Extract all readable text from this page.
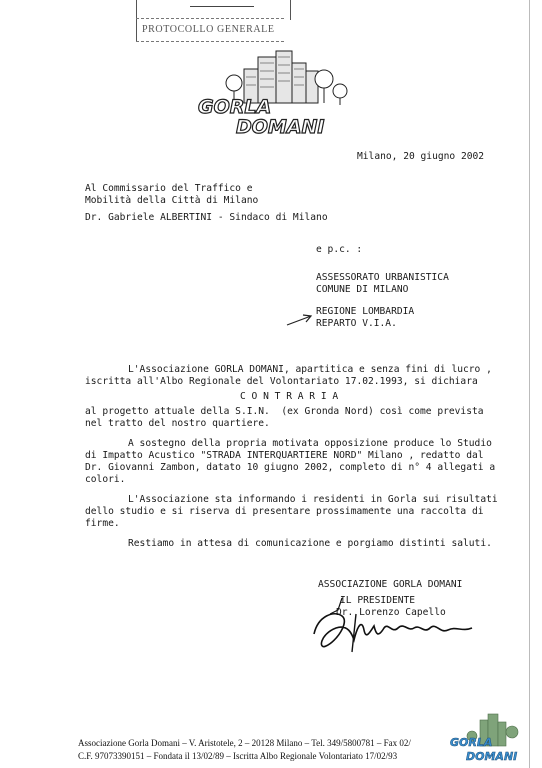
PROTOCOLLO GENERALE
GORLA
DOMANI
Milano, 20 giugno 2002
Al Commissario del Traffico e
Mobilità della Città di Milano
Dr. Gabriele ALBERTINI - Sindaco di Milano
e p.c. :
ASSESSORATO URBANISTICA
COMUNE DI MILANO
REGIONE LOMBARDIA
REPARTO V.I.A.
L'Associazione GORLA DOMANI, apartitica e senza fini di lucro ,
iscritta all'Albo Regionale del Volontariato 17.02.1993, si dichiara
C O N T R A R I A
al progetto attuale della S.I.N.  (ex Gronda Nord) così come prevista
nel tratto del nostro quartiere.
A sostegno della propria motivata opposizione produce lo Studio
di Impatto Acustico "STRADA INTERQUARTIERE NORD" Milano , redatto dal
Dr. Giovanni Zambon, datato 10 giugno 2002, completo di n° 4 allegati a
colori.
L'Associazione sta informando i residenti in Gorla sui risultati
dello studio e si riserva di presentare prossimamente una raccolta di
firme.
Restiamo in attesa di comunicazione e porgiamo distinti saluti.
ASSOCIAZIONE GORLA DOMANI
IL PRESIDENTE
Dr. Lorenzo Capello
Associazione Gorla Domani – V. Aristotele, 2 – 20128 Milano – Tel. 349/5800781 – Fax 02/
C.F. 97073390151 – Fondata il 13/02/89 – Iscritta Albo Regionale Volontariato 17/02/93
GORLA
DOMANI
